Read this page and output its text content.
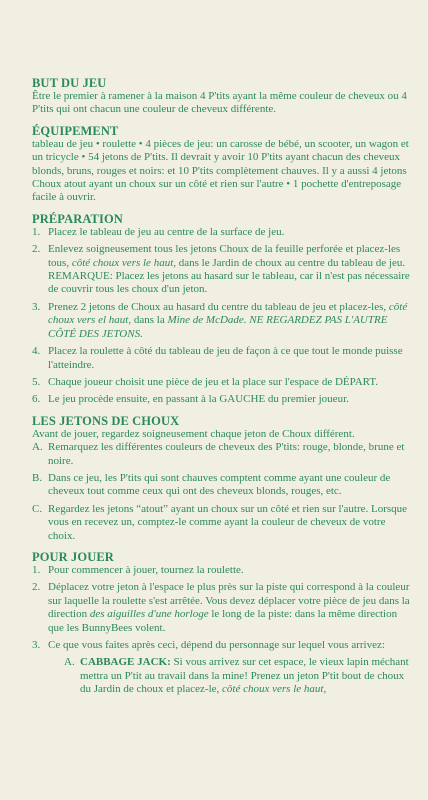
BUT DU JEU

Être le premier à ramener à la maison 4 P'tits ayant la même couleur de cheveux ou 4 P'tits qui ont chacun une couleur de cheveux différente.

ÉQUIPEMENT

tableau de jeu • roulette • 4 pièces de jeu: un carosse de bébé, un scooter, un wagon et un tricycle • 54 jetons de P'tits. Il devrait y avoir 10 P'tits ayant chacun des cheveux blonds, bruns, rouges et noirs: et 10 P'tits complètement chauves. Il y a aussi 4 jetons Choux atout ayant un choux sur un côté et rien sur l'autre • 1 pochette d'entreposage facile à ouvrir.

PRÉPARATION
1. Placez le tableau de jeu au centre de la surface de jeu.
2. Enlevez soigneusement tous les jetons Choux de la feuille perforée et placez-les tous, côté choux vers le haut, dans le Jardin de choux au centre du tableau de jeu. REMARQUE: Placez les jetons au hasard sur le tableau, car il n'est pas nécessaire de couvrir tous les choux d'un jeton.
3. Prenez 2 jetons de Choux au hasard du centre du tableau de jeu et placez-les, côté choux vers el haut, dans la Mine de McDade. NE REGARDEZ PAS L'AUTRE CÔTÉ DES JETONS.
4. Placez la roulette à côté du tableau de jeu de façon à ce que tout le monde puisse l'atteindre.
5. Chaque joueur choisit une pièce de jeu et la place sur l'espace de DÉPART.
6. Le jeu procède ensuite, en passant à la GAUCHE du premier joueur.
LES JETONS DE CHOUX

Avant de jouer, regardez soigneusement chaque jeton de Choux différent.

A. Remarquez les différentes couleurs de cheveux des P'tits: rouge, blonde, brune et noire.
B. Dans ce jeu, les P'tits qui sont chauves comptent comme ayant une couleur de cheveux tout comme ceux qui ont des cheveux blonds, rouges, etc.
C. Regardez les jetons “atout” ayant un choux sur un côté et rien sur l'autre. Lorsque vous en recevez un, comptez-le comme ayant la couleur de cheveux de votre choix.
POUR JOUER
1. Pour commencer à jouer, tournez la roulette.
2. Déplacez votre jeton à l'espace le plus près sur la piste qui correspond à la couleur sur laquelle la roulette s'est arrêtée. Vous devez déplacer votre pièce de jeu dans la direction des aiguilles d'une horloge le long de la piste: dans la même direction que les BunnyBees volent.
3. Ce que vous faites après ceci, dépend du personnage sur lequel vous arrivez:
A. CABBAGE JACK: Si vous arrivez sur cet espace, le vieux lapin méchant mettra un P'tit au travail dans la mine! Prenez un jeton P'tit bout de choux du Jardin de choux et placez-le, côté choux vers le haut,
